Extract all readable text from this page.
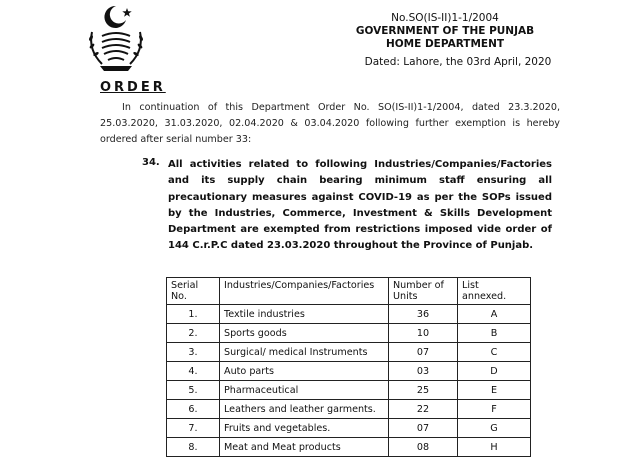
No.SO(IS-II)1-1/2004
GOVERNMENT OF THE PUNJAB
HOME DEPARTMENT
Dated: Lahore, the 03rd April, 2020
ORDER
In continuation of this Department Order No. SO(IS-II)1-1/2004, dated 23.3.2020, 25.03.2020, 31.03.2020, 02.04.2020 & 03.04.2020 following further exemption is hereby ordered after serial number 33:
34. All activities related to following Industries/Companies/Factories and its supply chain bearing minimum staff ensuring all precautionary measures against COVID-19 as per the SOPs issued by the Industries, Commerce, Investment & Skills Development Department are exempted from restrictions imposed vide order of 144 C.r.P.C dated 23.03.2020 throughout the Province of Punjab.
Serial No.	Industries/Companies/Factories	Number of Units	List annexed.
1.	Textile industries	36	A
2.	Sports goods	10	B
3.	Surgical/ medical Instruments	07	C
4.	Auto parts	03	D
5.	Pharmaceutical	25	E
6.	Leathers and leather garments.	22	F
7.	Fruits and vegetables.	07	G
8.	Meat and Meat products	08	H
